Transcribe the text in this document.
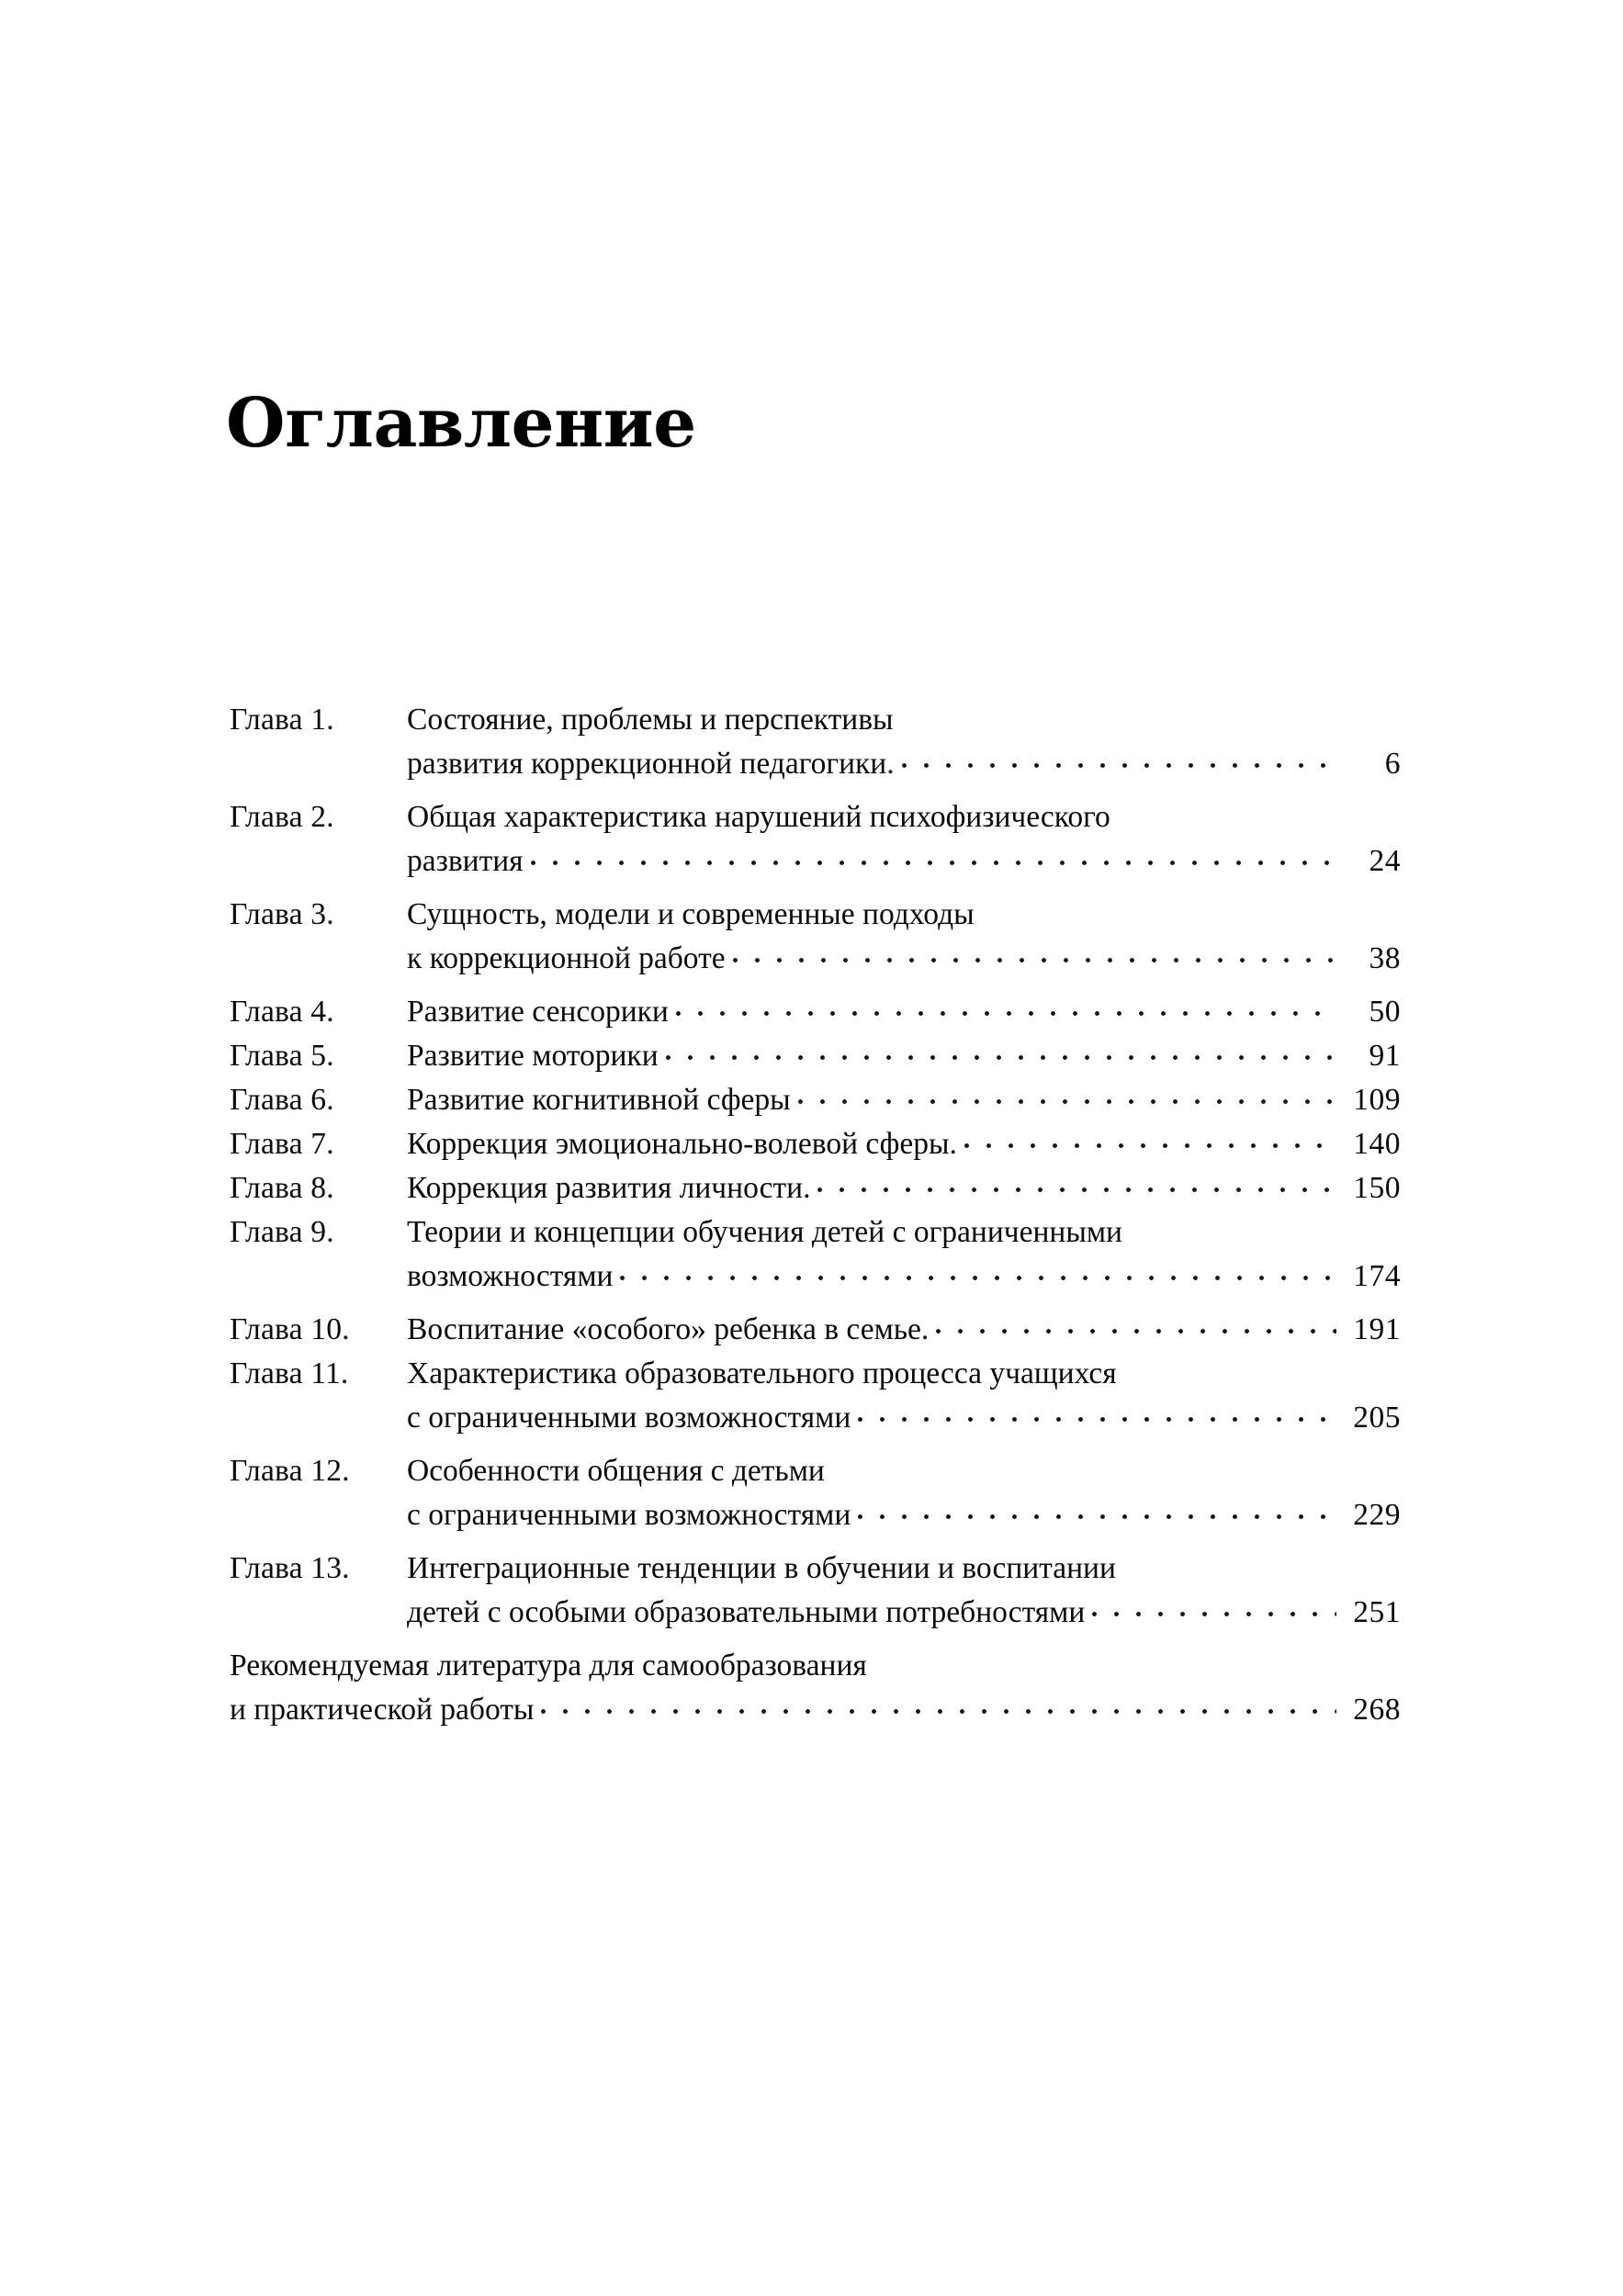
Оглавление
Глава 1.	Состояние, проблемы и перспективы
развития коррекционной педагогики.	6
Глава 2.	Общая характеристика нарушений психофизического
развития	24
Глава 3.	Сущность, модели и современные подходы
к коррекционной работе	38
Глава 4.	Развитие сенсорики	50
Глава 5.	Развитие моторики	91
Глава 6.	Развитие когнитивной сферы	109
Глава 7.	Коррекция эмоционально-волевой сферы.	140
Глава 8.	Коррекция развития личности.	150
Глава 9.	Теории и концепции обучения детей с ограниченными
возможностями	174
Глава 10.	Воспитание «особого» ребенка в семье.	191
Глава 11.	Характеристика образовательного процесса учащихся
с ограниченными возможностями	205
Глава 12.	Особенности общения с детьми
с ограниченными возможностями	229
Глава 13.	Интеграционные тенденции в обучении и воспитании
детей с особыми образовательными потребностями	251
Рекомендуемая литература для самообразования
и практической работы	268
